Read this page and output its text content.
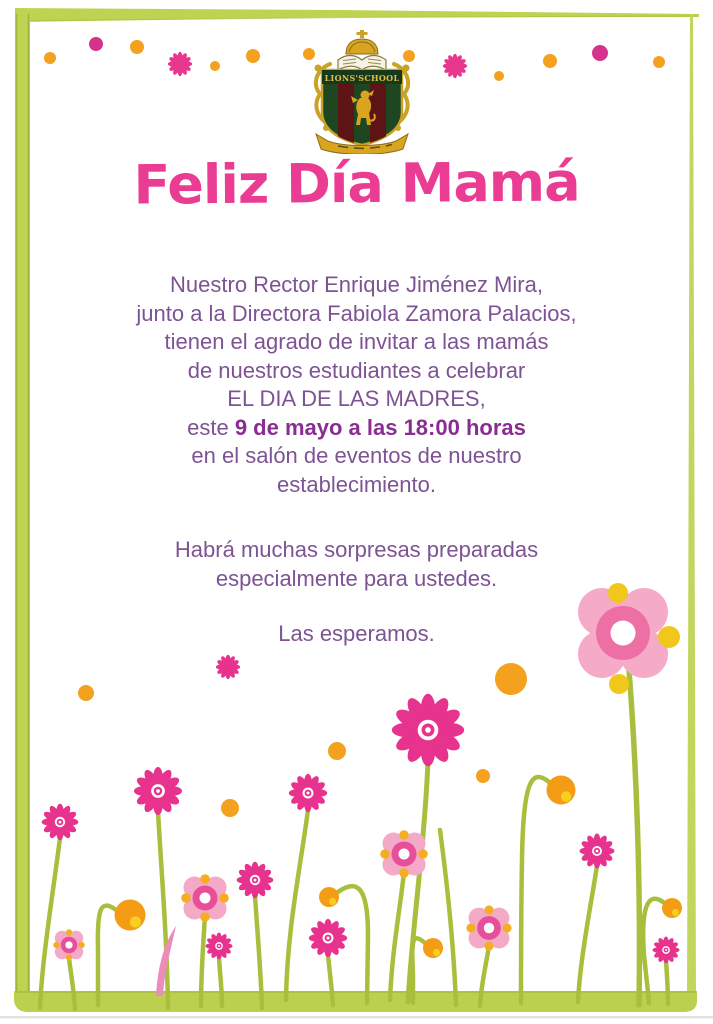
LIONS'SCHOOL
Feliz Día Mamá
Nuestro Rector Enrique Jiménez Mira,
junto a la Directora Fabiola Zamora Palacios,
tienen el agrado de invitar a las mamás
de nuestros estudiantes a celebrar
EL DIA DE LAS MADRES,
este 9 de mayo a las 18:00 horas
en el salón de eventos de nuestro
establecimiento.
Habrá muchas sorpresas preparadas
especialmente para ustedes.
Las esperamos.
